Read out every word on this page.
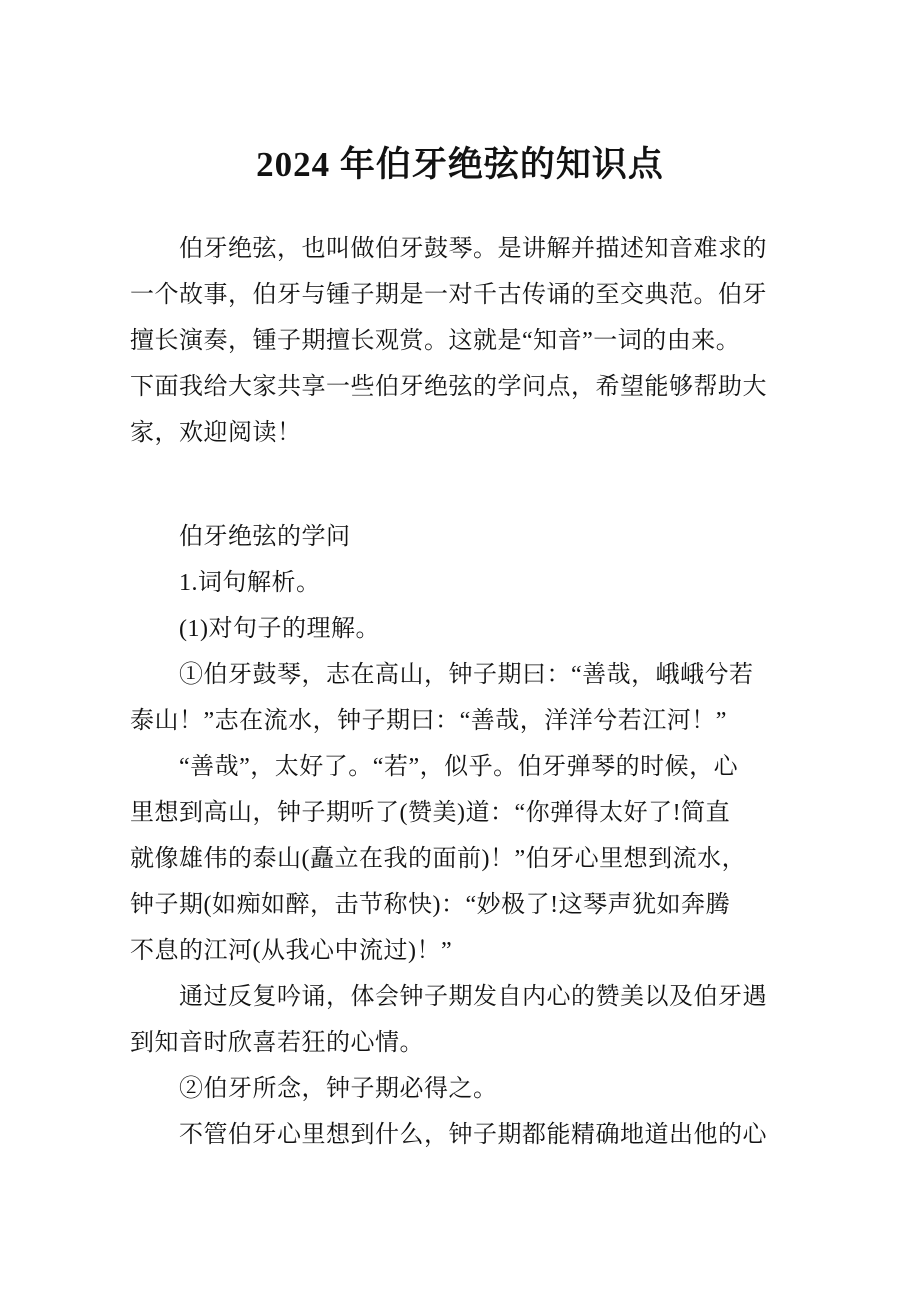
2024 年伯牙绝弦的知识点
伯牙绝弦，也叫做伯牙鼓琴。是讲解并描述知音难求的
一个故事，伯牙与锺子期是一对千古传诵的至交典范。伯牙
擅长演奏，锺子期擅长观赏。这就是“知音”一词的由来。
下面我给大家共享一些伯牙绝弦的学问点，希望能够帮助大
家，欢迎阅读！
伯牙绝弦的学问
1.词句解析。
(1)对句子的理解。
①伯牙鼓琴，志在高山，钟子期曰：“善哉，峨峨兮若
泰山！”志在流水，钟子期曰：“善哉，洋洋兮若江河！”
“善哉”，太好了。“若”，似乎。伯牙弹琴的时候，心
里想到高山，钟子期听了(赞美)道：“你弹得太好了!简直
就像雄伟的泰山(矗立在我的面前)！”伯牙心里想到流水，
钟子期(如痴如醉，击节称快)：“妙极了!这琴声犹如奔腾
不息的江河(从我心中流过)！”
通过反复吟诵，体会钟子期发自内心的赞美以及伯牙遇
到知音时欣喜若狂的心情。
②伯牙所念，钟子期必得之。
不管伯牙心里想到什么，钟子期都能精确地道出他的心
